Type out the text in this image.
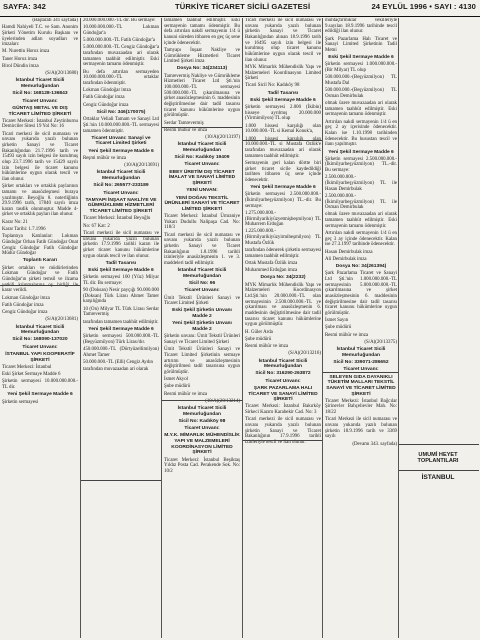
SAYFA: 342	TÜRKİYE TİCARET SİCİLİ GAZETESİ	24 EYLÜL 1996 • SAYI : 4130

(Baştarafı 341 sayfada)

Hamdi Nahiyeli T.C. ve Sam. Anonim Şirketi Yönetim Kurulu Başkanı ve üyelerinden adları soyadları ve imzaları:

M. Nurettin Horoz imza

Taner Horoz imza

Birol Dündin imza

(S/A)(20/13680)

İstanbul Ticaret Sicili Memurluğundan

Sicil No: 168128-136843

Ticaret Unvanı:

GÜNTAŞ METAL VE DIŞ TİCARET LİMİTED ŞİRKETİ

Ticaret Merkezi: İstanbul Zeytinburnu Demirciler Sitesi 19 Yol No: 16

Ticari merkezi ile sicil numarası ve unvanı yukarıda yazılı bulunan şirketin Sanayi ve Ticaret Bakanlığından 21.7.1996 tarih ve 15493 sayılı izin belgesi ile kurulmuş olup 23.7.1996 tarih ve 15429 sayılı izin belgesi ile ticaret kanunu hükümlerine uygun olarak tescil ve ilan olunur.

Şirket ortakları ve ortaklık paylarının tamamı ve anasözleşmesi buraya yazılmıştır. Beyoğlu 8. noterliğinin 29.9.1996 tarih, 17840 sayılı imza kararı tasdik olunmuştur. Madde 4-şirket ve ortaklık payları ilan olunur.

Karar No: 21

Karar Tarihi: 1.7.1996

Toplantıya Katılanlar: Lokman Gündoğar Orhan Fatih Gündoğar Onat Cengiz Gündoğar Fatih Gündoğar Müdür Gündoğar

Toplantı Kararı

Şirket ortakları ve müdürlerinden Lokman Gündoğar ve Fatih Gündoğar'ın şirketi temsil ve ilzama yetkili kılınmalarına oy birliği ile karar verildi.

Lokman Gündoğar imza

Fatih Gündoğar imza

Cengiz Gündoğar imza

(S/A)(20/13681)

İstanbul Ticaret Sicili Memurluğundan

Sicil No: 168090-137020

Ticaret Unvanı:

İSTANBUL YAPI KOOPERATİF ŞİRKETİ

Ticaret Merkezi: İstanbul

Eski Şirket Sermaye Madde 6

Şirketin sermayesi 10.000.000.000.-TL dir.

Yeni Şekil Sermaye Madde 6

Şirketin sermayesi

20.000.000.000.-TL dır. Bu sermaye:

10.000.000.000.-TL Lokman Gündoğar'a

5.000.000.000.-TL Fatih Gündoğar'a

5.000.000.000.-TL Cengiz Gündoğar'a tarafından muvazaadan ari olarak tamamen taahhüt edilmiştir. Eski sermayenin tamamı ödenmiştir.

Bu defa artırılan sermayeden 10.000.000.000.-TL ortaklar tarafından ödenmiştir.

Lokman Gündoğar imza

Fatih Gündoğar imza

Cengiz Gündoğar imza

Sicil No: 346(170075)

Ortaklar Veliali Tamam ve Sanayi Ltd Şti.'nin 10.000.000.000.-TL sermayesi tamamen ödenmiştir.

Ticaret Unvanı: Sanayi ve Ticaret Limited Şirketi

Yeni Şekil Sermaye Madde 6

Reşmi mühür ve imza

(10/A)(20/13691)

İstanbul Ticaret Sicili Memurluğundan

Sicil No: 265577-233189

Ticaret Unvanı:

TAMYAPI İNŞAAT NAKLİYE VE GÜMRÜKLEME HİZMETLERİ TİCARET LİMİTED ŞİRKETİ

Ticaret Merkezi: İstanbul Beyoğlu

No: 67 Kat: 2

Ticari merkezi ile sicil numarası ve unvanı yukarıda yazılı bulunan şirketin 17.9.1996 tarihli kararı ile şirket ticaret kanunu hükümlerine uygun olarak tescil ve ilan olunur.

Tadil Tasarısı

Eski Şekil Sermaye Madde 6

Şirketin sermayesi 100 (Yüz) Milyar TL dir. Bu sermaye:

90 (Doksan) Nesir payçığı 90.000.000 (Doksan) Türk Lirası Ahmet Tamer karşılığında

10 (On) Milyar TL Türk Lirası Serdar Tamrevermiş

tarafından tamamen taahhüt edilmiştir.

Yeni Şekil Sermaye Madde 6

Şirketin sermayesi 500.000.000.-TL (Beşyüzmilyon) Türk Lirası'dır.

450.000.000.-TL (Dörtyüzellimilyon) Ahmet Tamer

50.000.000.-TL (Elli) Cengiz Aydın

tarafından muvazaadan ari olarak

tamamen taahhüt edilmiştir. Eski sermayenin tamamı ödenmiştir. Bu defa artırılan nakdi sermayenin 1/4 ü kanuni süreden itibaren en geç üç sene içinde ödenecektir.

Tamyapı İnşaat Nakliye ve Gümrükleme Hizmetleri Ticaret Limited Şirketi imza

Dosya No: 34(234113)

Tamrevermiş Nakliye ve Gümrükleme Hizmetleri Ticaret Ltd Şti.'nin 100.000.000.-TL sermayesi 500.000.000.-TL çıkarılmasına ve şirket anasözleşmesinin 6. maddesinin değiştirilmesine dair tadil tasarısı ticaret kanunu hükümlerine uygun görülmüştür.

Serdar Tamrevermiş

Resmi mühür ve imza

(10/A)(20/13197)

İstanbul Ticaret Sicili Memurluğundan

Sicil No: Kadıköy 19409

Ticaret Unvanı:

EBEY ÜRETİM DIŞ TİCARET İMALAT VE SANAYİ LİMİTED ŞİRKETİ

YENİ UNVAN:

YENİ DOĞAN TEKSTİL ÜRÜNLERİ SANAYİ VE TİCARET LİMİTED ŞİRKETİ

Ticaret Merkezi: İstanbul Ümraniye Yukarı Dudullu Nalipaşa Cad. No: 118/3

Ticari merkezi ile sicil numarası ve unvanı yukarıda yazılı bulunan şirketin Sanayi ve Ticaret Bakanlığının 1.8.1996 tarihli izinleriyle anasözleşmenin 1. ve 3. maddeleri tadil edilmiştir.

İstanbul Ticaret Sicili Memurluğundan

Sicil No: 96

Ticaret Unvanı:

Ümit Tekstil Ürünleri Sanayi ve Ticaret Limited Şirketi

Eski Şekil Şirketin Unvanı Madde 2

Yeni Şekil Şirketin Unvanı Madde 2

Şirketin unvanı: Ümit Tekstil Ürünleri Sanayi ve Ticaret Limited Şirketi

Ümit Tekstil Ürünleri Sanayi ve Ticaret Limited Şirketinin sermaye artırımı ve anasözleşmesinin değiştirilmesi tadil tasarısına uygun görülmüştür.

İsmet Akyol

Şube müdürü

Resmi mühür ve imza

(10/A)(20/13214)

İstanbul Ticaret Sicili Memurluğundan

Sicil No: Kadıköy 98

Ticaret Unvanı:

M.Y.K. MİMARLIK MÜHENDİSLİK YAPI VE MALZEMELERİ KOORDİNASYON LİMİTED ŞİRKETİ

Ticaret Merkezi: İstanbul Beşiktaş Yıldız Posta Cad. Perakende Sok. No: 10/2

Ticari merkezi ile sicil numarası ve unvanı yukarıda yazılı bulunan şirketin Sanayi ve Ticaret Bakanlığından alınan 18.9.1996 tarih ve 16495 sayılı izin belgesi ile kurulmuş olup ticaret kanunu hükümlerine uygun olarak tescil ve ilan olunur.

MYK Mimarlık Mühendislik Yapı ve Malzemeleri Koordinasyon Limited Şirketi

Ticari Sicil No: Kadıköy 98

Tadil Tasarısı

Eski Şekil Sermaye Madde 6

Şirketin sermayesi 2.000 (İkibin) hisseye ayrılmış 20.000.000 (Yirmimilyon) TL olup

1.000 hissesi karşılığı olan 10.000.000.-TL si Kemal Konuk'a,

1.000 hissesi karşılığı olan 10.000.000.-TL si Mustafa Özlük'e tarafından muvazaadan ari olarak tamamen taahhüt edilmiştir.

Sermayenin geri kalan dörtte biri şirket ticaret sicile kaydedildiği tarihten itibaren üç sene içinde ödenecektir.

Yeni Şekil Sermaye Madde 6

Şirketin sermayesi 2.500.000.000.-(İkimilyarbeşyüzmilyon) TL.-dir. Bu sermaye:

1.275.000.000.-(Birmilyarikiyüzyetmişbeşmilyon) TL Muharrem Erdoğan

1.225.000.000.-(Birmilyarikiyüzyirmibeşmilyon) TL Mustafa Özlük

tarafından ödenerek şirketin sermayesi tamamen taahhüt edilmiştir.

Ortak Mustafa Özlük imza

Muhammed Erdoğan imza

Dosya No: 34(2232)

MYK Mimarlık Mühendislik Yapı ve Malzemeleri Koordinasyon Ltd.Şti.'nin 20.000.000.-TL olan sermayesinin 2.500.000.000.-TL ye çıkarılması ve anasözleşmenin 6. maddesinin değiştirilmesine dair tadil tasarısı ticaret kanunu hükümlerine uygun görülmüştür.

H. Güler Arda

Şube müdürü

Resmi mühür ve imza

(S/A)(20/13216)

İstanbul Ticaret Sicili Memurluğundan

Sicil No: 316290-263872

Ticaret Unvanı:

ŞARK PAZARLAMA HALI TİCARET VE SANAYİ LİMİTED ŞİRKETİ

Ticaret Merkezi: İstanbul Bakırköy Sirkeci Kazım Karabekir Cad. No: 3

Ticari merkezi ile sicil numarası ve unvanı yukarıda yazılı bulunan şirketin Sanayi ve Ticaret Bakanlığının 17.9.1996 tarihli izinleriyle tescil ve ilan olunur.

muhtaçtırmıklar vekilleriyle 9.sayılan 18.9.1996 tarihinde tescil edildiği ilan olunur.

Şark Pazarlama Halı Ticaret ve Sanayi Limited Şirketinin Tadil Metni

Eski Şekil Sermaye Madde 6

Şirketin sermayesi 1.000.000.000.-(Bir Milyar) TL olup

500.000.000.-(Beşyüzmilyon) TL Mustafa Dal

500.000.000.-(Beşyüzmilyon) TL Osman Demirbulak

olmak üzere muvazaadan ari olarak tamamen taahhüt edilmiştir. Eski sermayenin tamamı ödenmiştir.

Artırılan nakdi sermayenin 1/4 ü en geç 2 ay içerisinde ödenecektir. Kalan ise 1.10.1998 tarihinden ödenecektir. Bu husustan tescil ve ilanı yapılmıştır.

Yeni Şekil Sermaye Madde 6

Şirketin sermayesi 2.500.000.000.-(İkimilyarbeşyüzmilyon) TL.-dir. Bu sermaye:

2.500.000.000.-(İkimilyarbeşyüzmilyon) TL ile Hasan Demirbulak

2.500.000.000.-(İkimilyarbeşyüzmilyon) TL ile Osman Demirbulak

olmak üzere muvazaadan ari olarak tamamen taahhüt edilmiştir. Eski sermayenin tamamı ödenmiştir.

Artırılan nakdi sermayenin 1/4 ü en geç 3 ay içinde ödenecektir. Kalan ise 27.3.1997 tarihinde ödenecektir.

Hasan Demirbulak imza

Ali Demirbulak imza

Dosya No: 34(261394)

Şark Pazarlama Ticaret ve Sanayi Ltd Şti.'nin 1.000.000.000.-TL sermayesinin 5.000.000.000.-TL çıkarılmasına ve şirket anasözleşmesinin 6. maddesinin değiştirilmesine dair tadil tasarısı ticaret kanunu hükümlerine uygun görülmüştür.

İsmet Sayın

Şube müdürü

Resmi mühür ve imza

(S/A)(20/13375)

İstanbul Ticaret Sicili Memurluğundan

Sicil No: 339071-286652

Ticaret Unvanı:

SELEYEN GIDA DAYANIKLI TÜKETİM MALLARI TEKSTİL SANAYİ VE TİCARET LİMİTED ŞİRKETİ

Ticaret Merkezi: İstanbul Bağcılar Şirinevler Bahçelievler Mah. No: 18/22

Ticari Merkezi ile sicil numarası ve unvanı yukarıda yazılı bulunan şirketin 18.9.1996 tarih ve 3369 sayılı

(Devamı 343. sayfada)

UMUMİ HEYET TOPLANTILARI
İSTANBUL
